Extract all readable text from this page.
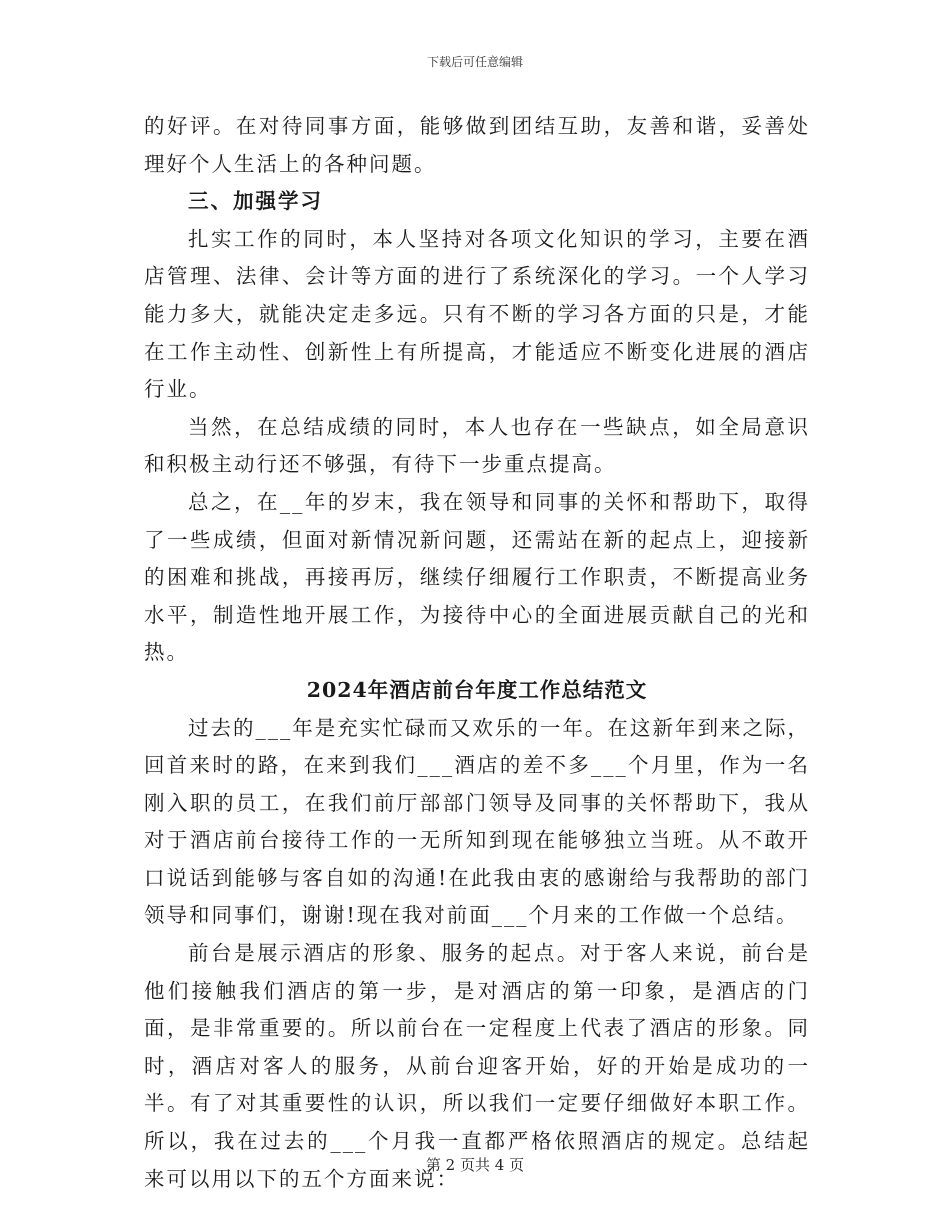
下载后可任意编辑

的好评。在对待同事方面，能够做到团结互助，友善和谐，妥善处理好个人生活上的各种问题。

三、加强学习

扎实工作的同时，本人坚持对各项文化知识的学习，主要在酒店管理、法律、会计等方面的进行了系统深化的学习。一个人学习能力多大，就能决定走多远。只有不断的学习各方面的只是，才能在工作主动性、创新性上有所提高，才能适应不断变化进展的酒店行业。

当然，在总结成绩的同时，本人也存在一些缺点，如全局意识和积极主动行还不够强，有待下一步重点提高。

总之，在__年的岁末，我在领导和同事的关怀和帮助下，取得了一些成绩，但面对新情况新问题，还需站在新的起点上，迎接新的困难和挑战，再接再厉，继续仔细履行工作职责，不断提高业务水平，制造性地开展工作，为接待中心的全面进展贡献自己的光和热。

2024年酒店前台年度工作总结范文

过去的___年是充实忙碌而又欢乐的一年。在这新年到来之际，回首来时的路，在来到我们___酒店的差不多___个月里，作为一名刚入职的员工，在我们前厅部部门领导及同事的关怀帮助下，我从对于酒店前台接待工作的一无所知到现在能够独立当班。从不敢开口说话到能够与客自如的沟通!在此我由衷的感谢给与我帮助的部门领导和同事们，谢谢!现在我对前面___个月来的工作做一个总结。

前台是展示酒店的形象、服务的起点。对于客人来说，前台是他们接触我们酒店的第一步，是对酒店的第一印象，是酒店的门面，是非常重要的。所以前台在一定程度上代表了酒店的形象。同时，酒店对客人的服务，从前台迎客开始，好的开始是成功的一半。有了对其重要性的认识，所以我们一定要仔细做好本职工作。所以，我在过去的___个月我一直都严格依照酒店的规定。总结起来可以用以下的五个方面来说：

第 2 页共 4 页
